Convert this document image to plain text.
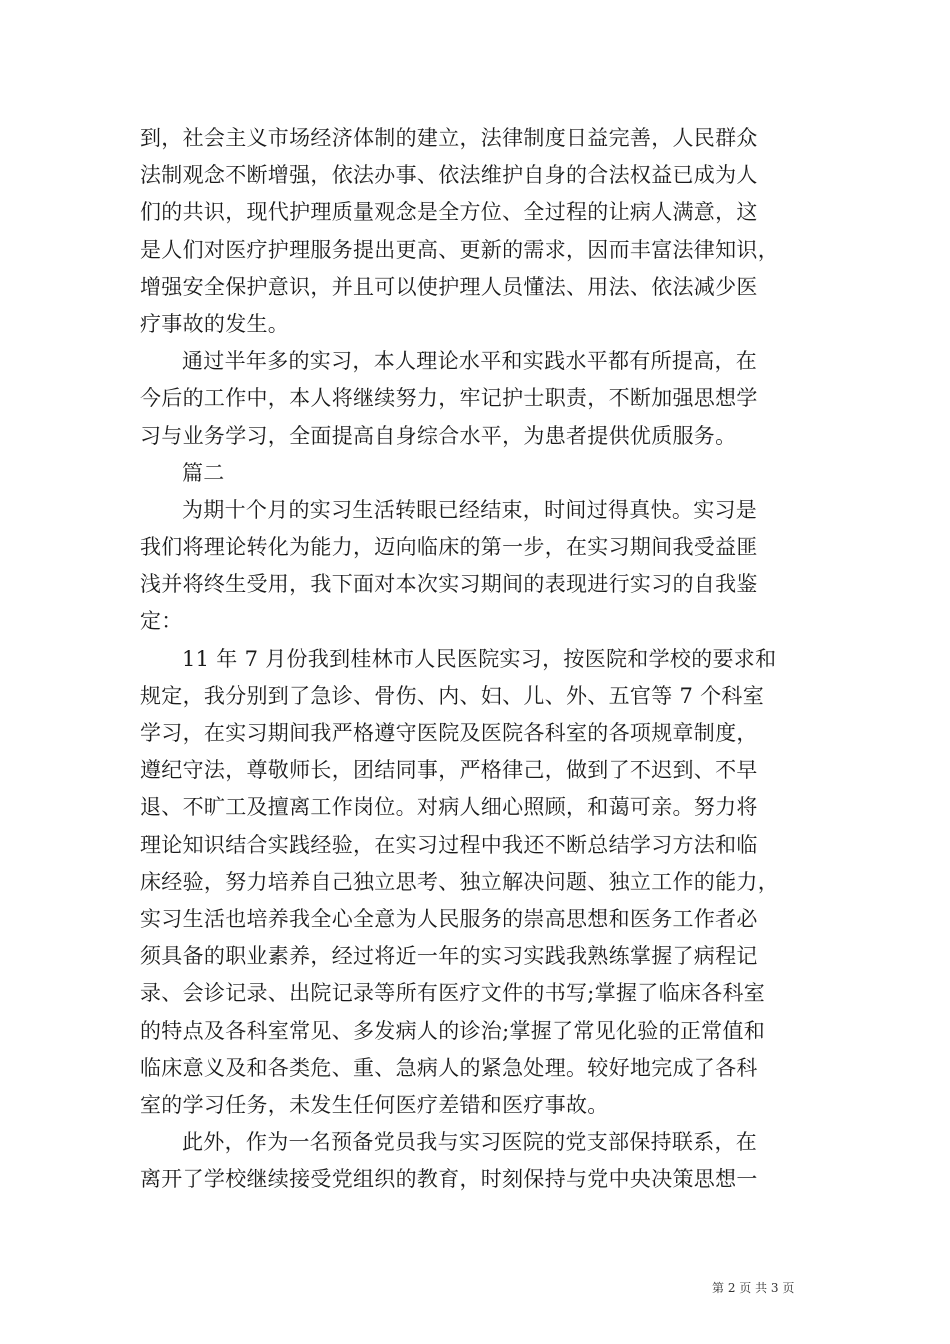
到，社会主义市场经济体制的建立，法律制度日益完善，人民群众
法制观念不断增强，依法办事、依法维护自身的合法权益已成为人
们的共识，现代护理质量观念是全方位、全过程的让病人满意，这
是人们对医疗护理服务提出更高、更新的需求，因而丰富法律知识，
增强安全保护意识，并且可以使护理人员懂法、用法、依法减少医
疗事故的发生。
通过半年多的实习，本人理论水平和实践水平都有所提高，在
今后的工作中，本人将继续努力，牢记护士职责，不断加强思想学
习与业务学习，全面提高自身综合水平，为患者提供优质服务。
篇二
为期十个月的实习生活转眼已经结束，时间过得真快。实习是
我们将理论转化为能力，迈向临床的第一步，在实习期间我受益匪
浅并将终生受用，我下面对本次实习期间的表现进行实习的自我鉴
定：
11 年 7 月份我到桂林市人民医院实习，按医院和学校的要求和
规定，我分别到了急诊、骨伤、内、妇、儿、外、五官等 7 个科室
学习，在实习期间我严格遵守医院及医院各科室的各项规章制度，
遵纪守法，尊敬师长，团结同事，严格律己，做到了不迟到、不早
退、不旷工及擅离工作岗位。对病人细心照顾，和蔼可亲。努力将
理论知识结合实践经验，在实习过程中我还不断总结学习方法和临
床经验，努力培养自己独立思考、独立解决问题、独立工作的能力，
实习生活也培养我全心全意为人民服务的崇高思想和医务工作者必
须具备的职业素养，经过将近一年的实习实践我熟练掌握了病程记
录、会诊记录、出院记录等所有医疗文件的书写;掌握了临床各科室
的特点及各科室常见、多发病人的诊治;掌握了常见化验的正常值和
临床意义及和各类危、重、急病人的紧急处理。较好地完成了各科
室的学习任务，未发生任何医疗差错和医疗事故。
此外，作为一名预备党员我与实习医院的党支部保持联系，在
离开了学校继续接受党组织的教育，时刻保持与党中央决策思想一
第 2 页 共 3 页
